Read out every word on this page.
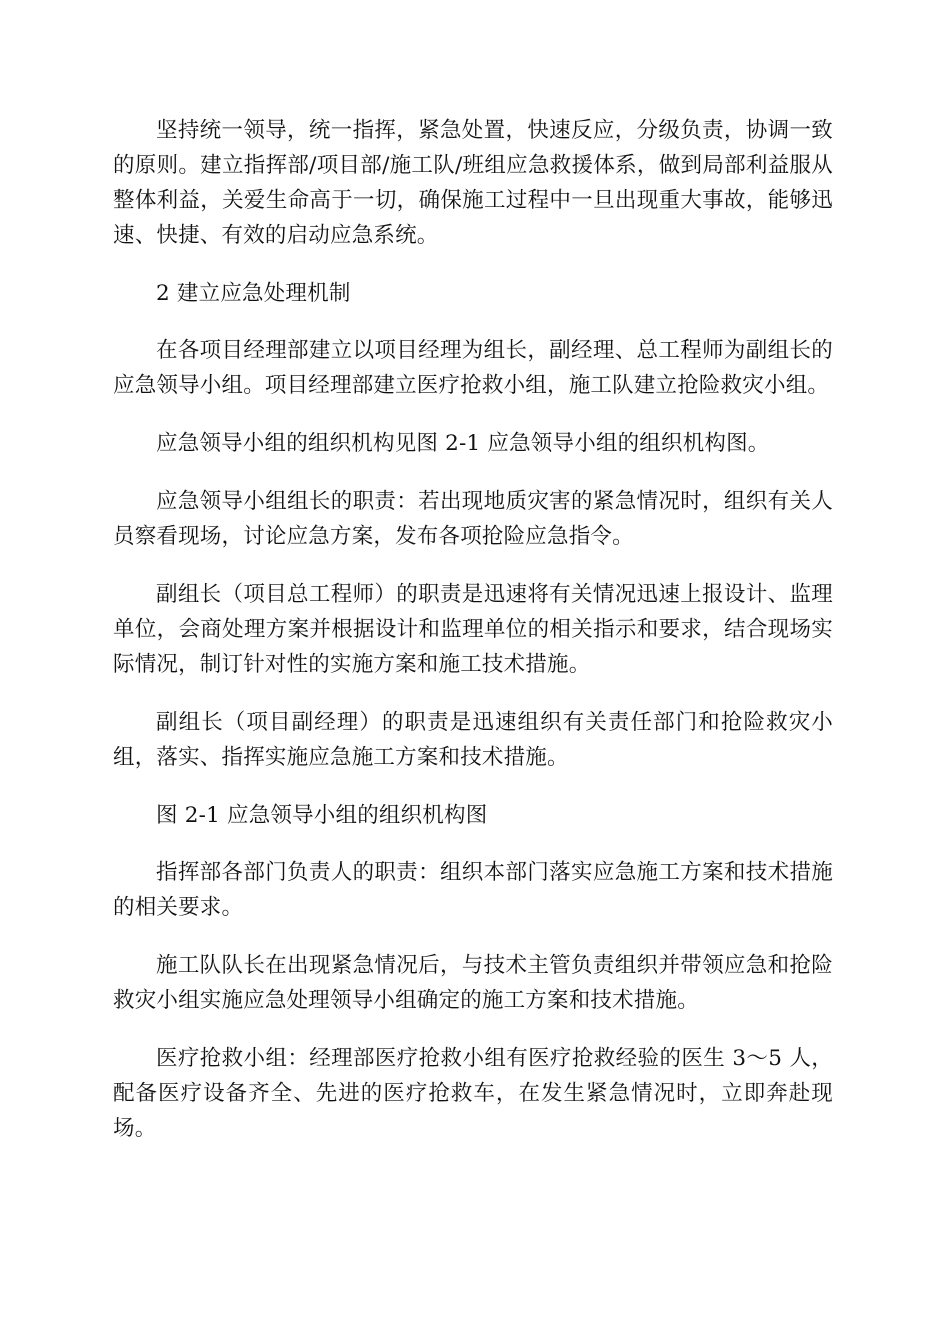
坚持统一领导，统一指挥，紧急处置，快速反应，分级负责，协调一致的原则。建立指挥部/项目部/施工队/班组应急救援体系，做到局部利益服从整体利益，关爱生命高于一切，确保施工过程中一旦出现重大事故，能够迅速、快捷、有效的启动应急系统。

2 建立应急处理机制

在各项目经理部建立以项目经理为组长，副经理、总工程师为副组长的应急领导小组。项目经理部建立医疗抢救小组，施工队建立抢险救灾小组。

应急领导小组的组织机构见图 2-1 应急领导小组的组织机构图。

应急领导小组组长的职责：若出现地质灾害的紧急情况时，组织有关人员察看现场，讨论应急方案，发布各项抢险应急指令。

副组长（项目总工程师）的职责是迅速将有关情况迅速上报设计、监理单位，会商处理方案并根据设计和监理单位的相关指示和要求，结合现场实际情况，制订针对性的实施方案和施工技术措施。

副组长（项目副经理）的职责是迅速组织有关责任部门和抢险救灾小组，落实、指挥实施应急施工方案和技术措施。

图 2-1 应急领导小组的组织机构图

指挥部各部门负责人的职责：组织本部门落实应急施工方案和技术措施的相关要求。

施工队队长在出现紧急情况后，与技术主管负责组织并带领应急和抢险救灾小组实施应急处理领导小组确定的施工方案和技术措施。

医疗抢救小组：经理部医疗抢救小组有医疗抢救经验的医生 3～5 人，配备医疗设备齐全、先进的医疗抢救车，在发生紧急情况时，立即奔赴现场。
